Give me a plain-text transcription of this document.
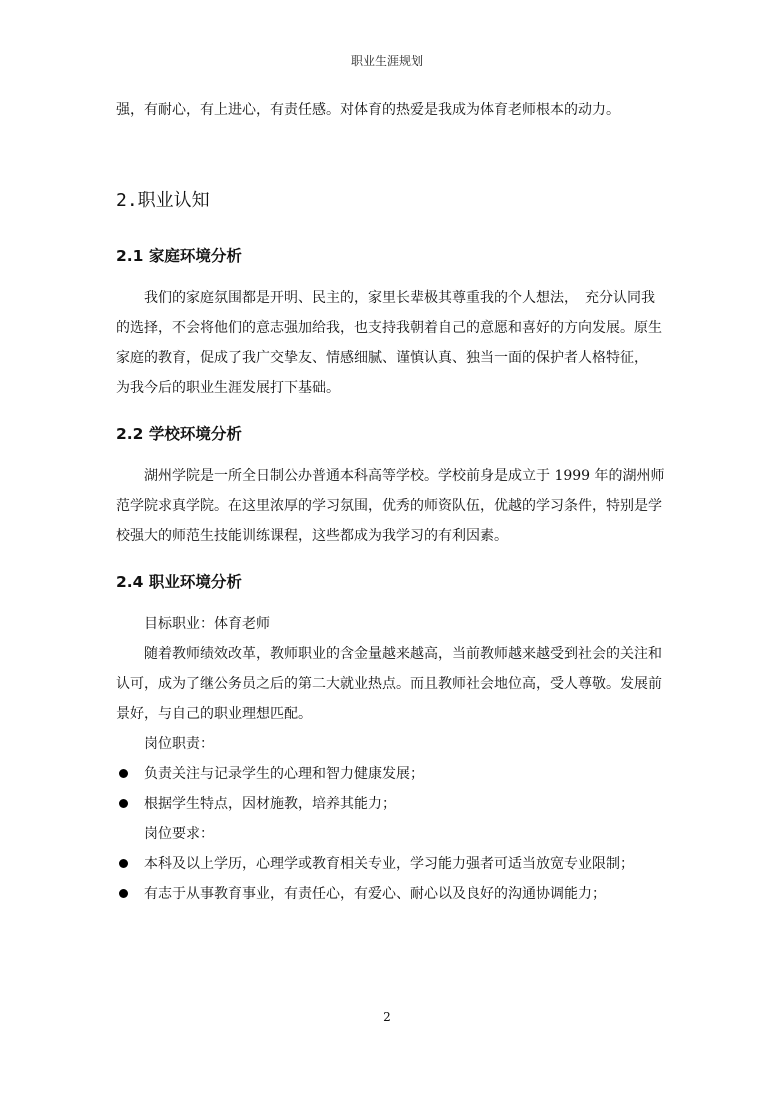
职业生涯规划

强，有耐心，有上进心，有责任感。对体育的热爱是我成为体育老师根本的动力。

2.职业认知
2.1 家庭环境分析

我们的家庭氛围都是开明、民主的，家里长辈极其尊重我的个人想法，　充分认同我的选择，不会将他们的意志强加给我，也支持我朝着自己的意愿和喜好的方向发展。原生家庭的教育，促成了我广交挚友、情感细腻、谨慎认真、独当一面的保护者人格特征，　为我今后的职业生涯发展打下基础。

2.2 学校环境分析

湖州学院是一所全日制公办普通本科高等学校。学校前身是成立于 1999 年的湖州师范学院求真学院。在这里浓厚的学习氛围，优秀的师资队伍，优越的学习条件，特别是学校强大的师范生技能训练课程，这些都成为我学习的有利因素。

2.4 职业环境分析

目标职业：体育老师

随着教师绩效改革，教师职业的含金量越来越高，当前教师越来越受到社会的关注和认可，成为了继公务员之后的第二大就业热点。而且教师社会地位高，受人尊敬。发展前景好，与自己的职业理想匹配。

岗位职责：

负责关注与记录学生的心理和智力健康发展；
根据学生特点，因材施教，培养其能力；

岗位要求：

本科及以上学历，心理学或教育相关专业，学习能力强者可适当放宽专业限制；
有志于从事教育事业，有责任心，有爱心、耐心以及良好的沟通协调能力；
2
